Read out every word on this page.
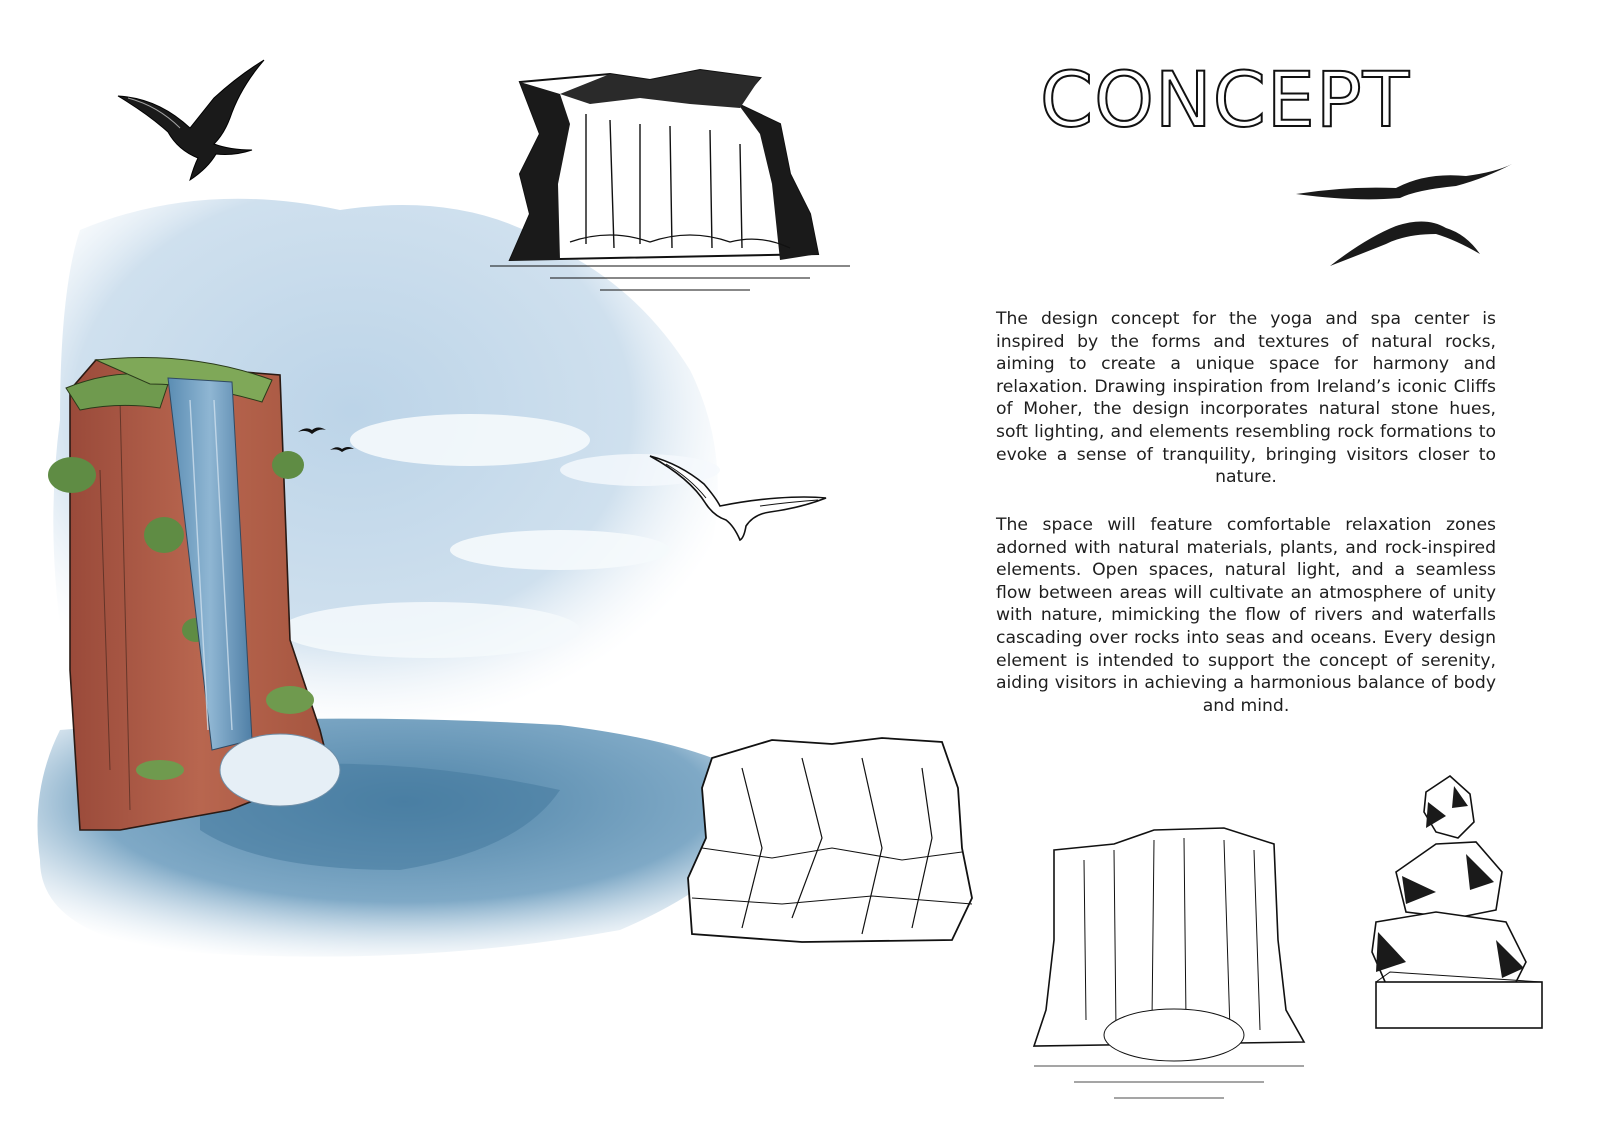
CONCEPT

The design concept for the yoga and spa center is inspired by the forms and textures of natural rocks, aiming to create a unique space for harmony and relaxation. Drawing inspiration from Ireland’s iconic Cliffs of Moher, the design incorporates natural stone hues, soft lighting, and elements resembling rock formations to evoke a sense of tranquility, bringing visitors closer to nature.

The space will feature comfortable relaxation zones adorned with natural materials, plants, and rock-inspired elements. Open spaces, natural light, and a seamless flow between areas will cultivate an atmosphere of unity with nature, mimicking the flow of rivers and waterfalls cascading over rocks into seas and oceans. Every design element is intended to support the concept of serenity, aiding visitors in achieving a harmonious balance of body and mind.
